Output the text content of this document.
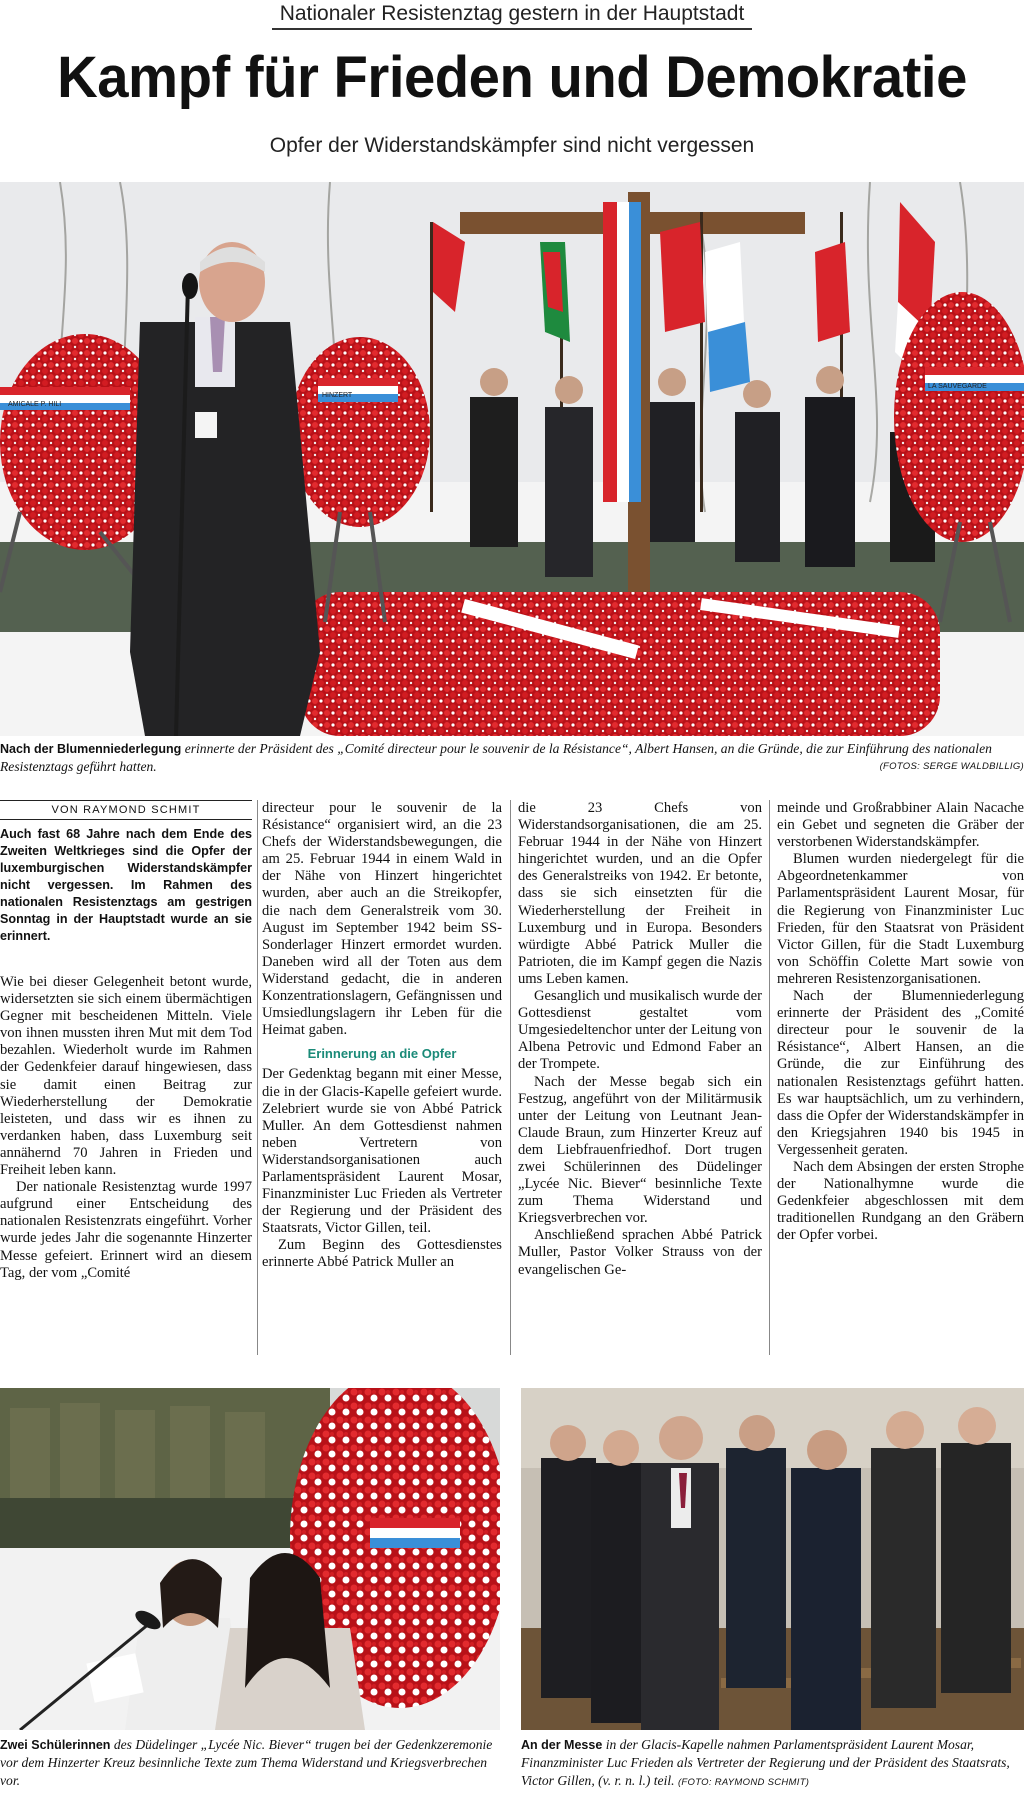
Nationaler Resistenztag gestern in der Hauptstadt
Kampf für Frieden und Demokratie
Opfer der Widerstandskämpfer sind nicht vergessen
AMICALE P. HILI
HINZERT
LA SAUVEGARDE
Nach der Blumenniederlegung erinnerte der Präsident des „Comité directeur pour le souvenir de la Résistance“, Albert Hansen, an die Gründe, die zur Einführung des nationalen Resistenztags geführt hatten.	(FOTOS: SERGE WALDBILLIG)
VON RAYMOND SCHMIT
Auch fast 68 Jahre nach dem Ende des Zweiten Weltkrieges sind die Opfer der luxemburgischen Widerstandskämpfer nicht vergessen. Im Rahmen des nationalen Resistenztags am gestrigen Sonntag in der Hauptstadt wurde an sie erinnert.

Wie bei dieser Gelegenheit betont wurde, widersetzten sie sich einem übermächtigen Gegner mit bescheidenen Mitteln. Viele von ihnen mussten ihren Mut mit dem Tod bezahlen. Wiederholt wurde im Rahmen der Gedenkfeier darauf hingewiesen, dass sie damit einen Beitrag zur Wiederherstellung der Demokratie leisteten, und dass wir es ihnen zu verdanken haben, dass Luxemburg seit annähernd 70 Jahren in Frieden und Freiheit leben kann.

Der nationale Resistenztag wurde 1997 aufgrund einer Entscheidung des nationalen Resistenzrats eingeführt. Vorher wurde jedes Jahr die sogenannte Hinzerter Messe gefeiert. Erinnert wird an diesem Tag, der vom „Comité

directeur pour le souvenir de la Résistance“ organisiert wird, an die 23 Chefs der Widerstandsbewegungen, die am 25. Februar 1944 in einem Wald in der Nähe von Hinzert hingerichtet wurden, aber auch an die Streikopfer, die nach dem Generalstreik vom 30. August im September 1942 beim SS-Sonderlager Hinzert ermordet wurden. Daneben wird all der Toten aus dem Widerstand gedacht, die in anderen Konzentrationslagern, Gefängnissen und Umsiedlungslagern ihr Leben für die Heimat gaben.

Erinnerung an die Opfer

Der Gedenktag begann mit einer Messe, die in der Glacis-Kapelle gefeiert wurde. Zelebriert wurde sie von Abbé Patrick Muller. An dem Gottesdienst nahmen neben Vertretern von Widerstandsorganisationen auch Parlamentspräsident Laurent Mosar, Finanzminister Luc Frieden als Vertreter der Regierung und der Präsident des Staatsrats, Victor Gillen, teil.

Zum Beginn des Gottesdienstes erinnerte Abbé Patrick Muller an

die 23 Chefs von Widerstandsorganisationen, die am 25. Februar 1944 in der Nähe von Hinzert hingerichtet wurden, und an die Opfer des Generalstreiks von 1942. Er betonte, dass sie sich einsetzten für die Wiederherstellung der Freiheit in Luxemburg und in Europa. Besonders würdigte Abbé Patrick Muller die Patrioten, die im Kampf gegen die Nazis ums Leben kamen.

Gesanglich und musikalisch wurde der Gottesdienst gestaltet vom Umgesiedeltenchor unter der Leitung von Albena Petrovic und Edmond Faber an der Trompete.

Nach der Messe begab sich ein Festzug, angeführt von der Militärmusik unter der Leitung von Leutnant Jean-Claude Braun, zum Hinzerter Kreuz auf dem Liebfrauenfriedhof. Dort trugen zwei Schülerinnen des Düdelinger „Lycée Nic. Biever“ besinnliche Texte zum Thema Widerstand und Kriegsverbrechen vor.

Anschließend sprachen Abbé Patrick Muller, Pastor Volker Strauss von der evangelischen Ge-

meinde und Großrabbiner Alain Nacache ein Gebet und segneten die Gräber der verstorbenen Widerstandskämpfer.

Blumen wurden niedergelegt für die Abgeordnetenkammer von Parlamentspräsident Laurent Mosar, für die Regierung von Finanzminister Luc Frieden, für den Staatsrat von Präsident Victor Gillen, für die Stadt Luxemburg von Schöffin Colette Mart sowie von mehreren Resistenzorganisationen.

Nach der Blumenniederlegung erinnerte der Präsident des „Comité directeur pour le souvenir de la Résistance“, Albert Hansen, an die Gründe, die zur Einführung des nationalen Resistenztags geführt hatten. Es war hauptsächlich, um zu verhindern, dass die Opfer der Widerstandskämpfer in den Kriegsjahren 1940 bis 1945 in Vergessenheit geraten.

Nach dem Absingen der ersten Strophe der Nationalhymne wurde die Gedenkfeier abgeschlossen mit dem traditionellen Rundgang an den Gräbern der Opfer vorbei.

Zwei Schülerinnen des Düdelinger „Lycée Nic. Biever“ trugen bei der Gedenkzeremonie vor dem Hinzerter Kreuz besinnliche Texte zum Thema Widerstand und Kriegsverbrechen vor.
An der Messe in der Glacis-Kapelle nahmen Parlamentspräsident Laurent Mosar, Finanzminister Luc Frieden als Vertreter der Regierung und der Präsident des Staatsrats, Victor Gillen, (v. r. n. l.) teil. (FOTO: RAYMOND SCHMIT)
